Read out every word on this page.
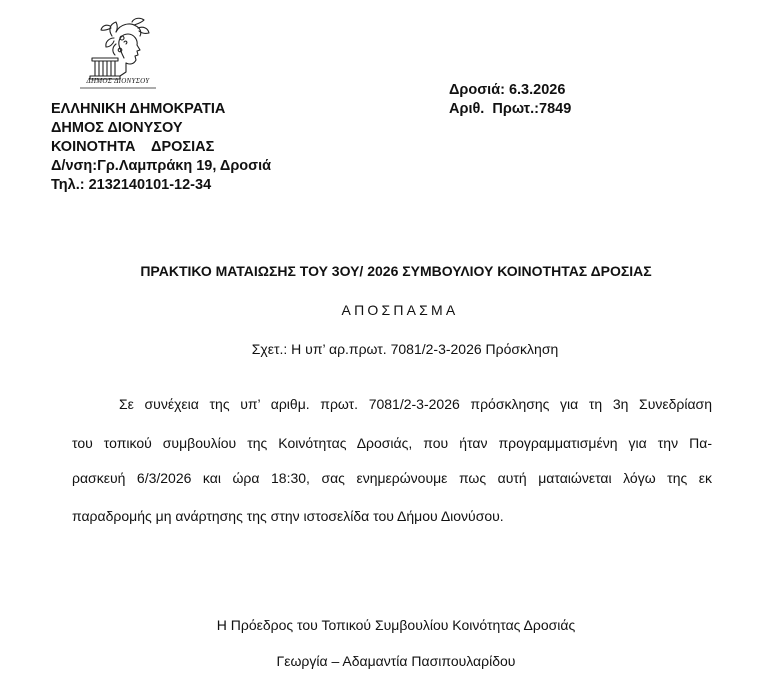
ΔΗΜΟΣ ΔΙΟΝΥΣΟΥ
ΕΛΛΗΝΙΚΗ ΔΗΜΟΚΡΑΤΙΑ
ΔΗΜΟΣ ΔΙΟΝΥΣΟΥ
ΚΟΙΝΟΤΗΤΑ    ΔΡΟΣΙΑΣ
Δ/νση:Γρ.Λαμπράκη 19, Δροσιά
Τηλ.: 2132140101-12-34
Δροσιά: 6.3.2026
Αριθ.  Πρωτ.:7849
ΠΡΑΚΤΙΚΟ ΜΑΤΑΙΩΣΗΣ ΤΟΥ 3ΟΥ/ 2026 ΣΥΜΒΟΥΛΙΟΥ ΚΟΙΝΟΤΗΤΑΣ ΔΡΟΣΙΑΣ
ΑΠΟΣΠΑΣΜΑ
Σχετ.: Η υπ’ αρ.πρωτ. 7081/2-3-2026 Πρόσκληση
Σε συνέχεια της υπ’ αριθμ. πρωτ. 7081/2-3-2026 πρόσκλησης για τη 3η Συνεδρίαση
του τοπικού συμβουλίου της Κοινότητας Δροσιάς, που ήταν προγραμματισμένη για την Πα-
ρασκευή 6/3/2026 και ώρα 18:30, σας ενημερώνουμε πως αυτή ματαιώνεται λόγω της εκ
παραδρομής μη ανάρτησης της στην ιστοσελίδα του Δήμου Διονύσου.
Η Πρόεδρος του Τοπικού Συμβουλίου Κοινότητας Δροσιάς
Γεωργία – Αδαμαντία Πασιπουλαρίδου
